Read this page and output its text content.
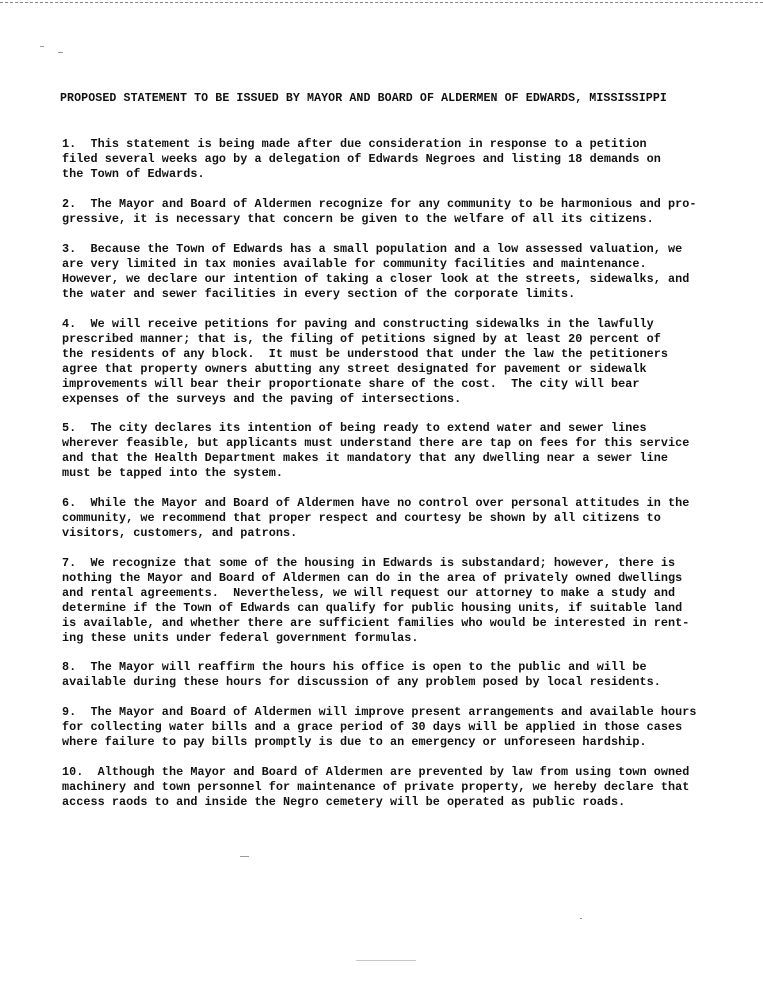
PROPOSED STATEMENT TO BE ISSUED BY MAYOR AND BOARD OF ALDERMEN OF EDWARDS, MISSISSIPPI
1.  This statement is being made after due consideration in response to a petition
filed several weeks ago by a delegation of Edwards Negroes and listing 18 demands on
the Town of Edwards.
2.  The Mayor and Board of Aldermen recognize for any community to be harmonious and pro-
gressive, it is necessary that concern be given to the welfare of all its citizens.
3.  Because the Town of Edwards has a small population and a low assessed valuation, we
are very limited in tax monies available for community facilities and maintenance.
However, we declare our intention of taking a closer look at the streets, sidewalks, and
the water and sewer facilities in every section of the corporate limits.
4.  We will receive petitions for paving and constructing sidewalks in the lawfully
prescribed manner; that is, the filing of petitions signed by at least 20 percent of
the residents of any block.  It must be understood that under the law the petitioners
agree that property owners abutting any street designated for pavement or sidewalk
improvements will bear their proportionate share of the cost.  The city will bear
expenses of the surveys and the paving of intersections.
5.  The city declares its intention of being ready to extend water and sewer lines
wherever feasible, but applicants must understand there are tap on fees for this service
and that the Health Department makes it mandatory that any dwelling near a sewer line
must be tapped into the system.
6.  While the Mayor and Board of Aldermen have no control over personal attitudes in the
community, we recommend that proper respect and courtesy be shown by all citizens to
visitors, customers, and patrons.
7.  We recognize that some of the housing in Edwards is substandard; however, there is
nothing the Mayor and Board of Aldermen can do in the area of privately owned dwellings
and rental agreements.  Nevertheless, we will request our attorney to make a study and
determine if the Town of Edwards can qualify for public housing units, if suitable land
is available, and whether there are sufficient families who would be interested in rent-
ing these units under federal government formulas.
8.  The Mayor will reaffirm the hours his office is open to the public and will be
available during these hours for discussion of any problem posed by local residents.
9.  The Mayor and Board of Aldermen will improve present arrangements and available hours
for collecting water bills and a grace period of 30 days will be applied in those cases
where failure to pay bills promptly is due to an emergency or unforeseen hardship.
10.  Although the Mayor and Board of Aldermen are prevented by law from using town owned
machinery and town personnel for maintenance of private property, we hereby declare that
access raods to and inside the Negro cemetery will be operated as public roads.
